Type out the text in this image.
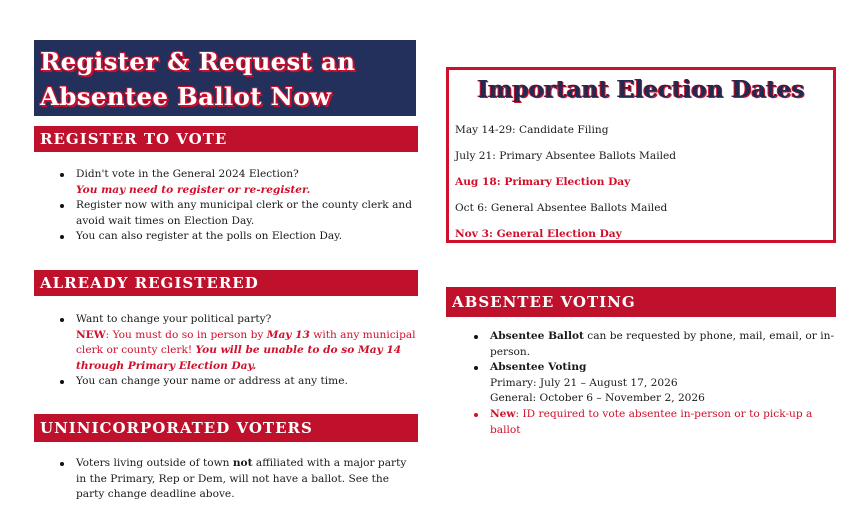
Register & Request an
Absentee Ballot Now
REGISTER TO VOTE
Didn't vote in the General 2024 Election?
You may need to register or re-register.
Register now with any municipal clerk or the county clerk and avoid wait times on Election Day.
You can also register at the polls on Election Day.
ALREADY REGISTERED
Want to change your political party?
NEW: You must do so in person by May 13 with any municipal clerk or county clerk! You will be unable to do so May 14 through Primary Election Day.
You can change your name or address at any time.
UNINICORPORATED VOTERS
Voters living outside of town not affiliated with a major party in the Primary, Rep or Dem, will not have a ballot. See the party change deadline above.
Important Election Dates
May 14-29: Candidate Filing
July 21: Primary Absentee Ballots Mailed
Aug 18: Primary Election Day
Oct 6: General Absentee Ballots Mailed
Nov 3: General Election Day
ABSENTEE VOTING
Absentee Ballot can be requested by phone, mail, email, or in-person.
Absentee Voting
Primary: July 21 – August 17, 2026
General: October 6 – November 2, 2026
New: ID required to vote absentee in-person or to pick-up a ballot
